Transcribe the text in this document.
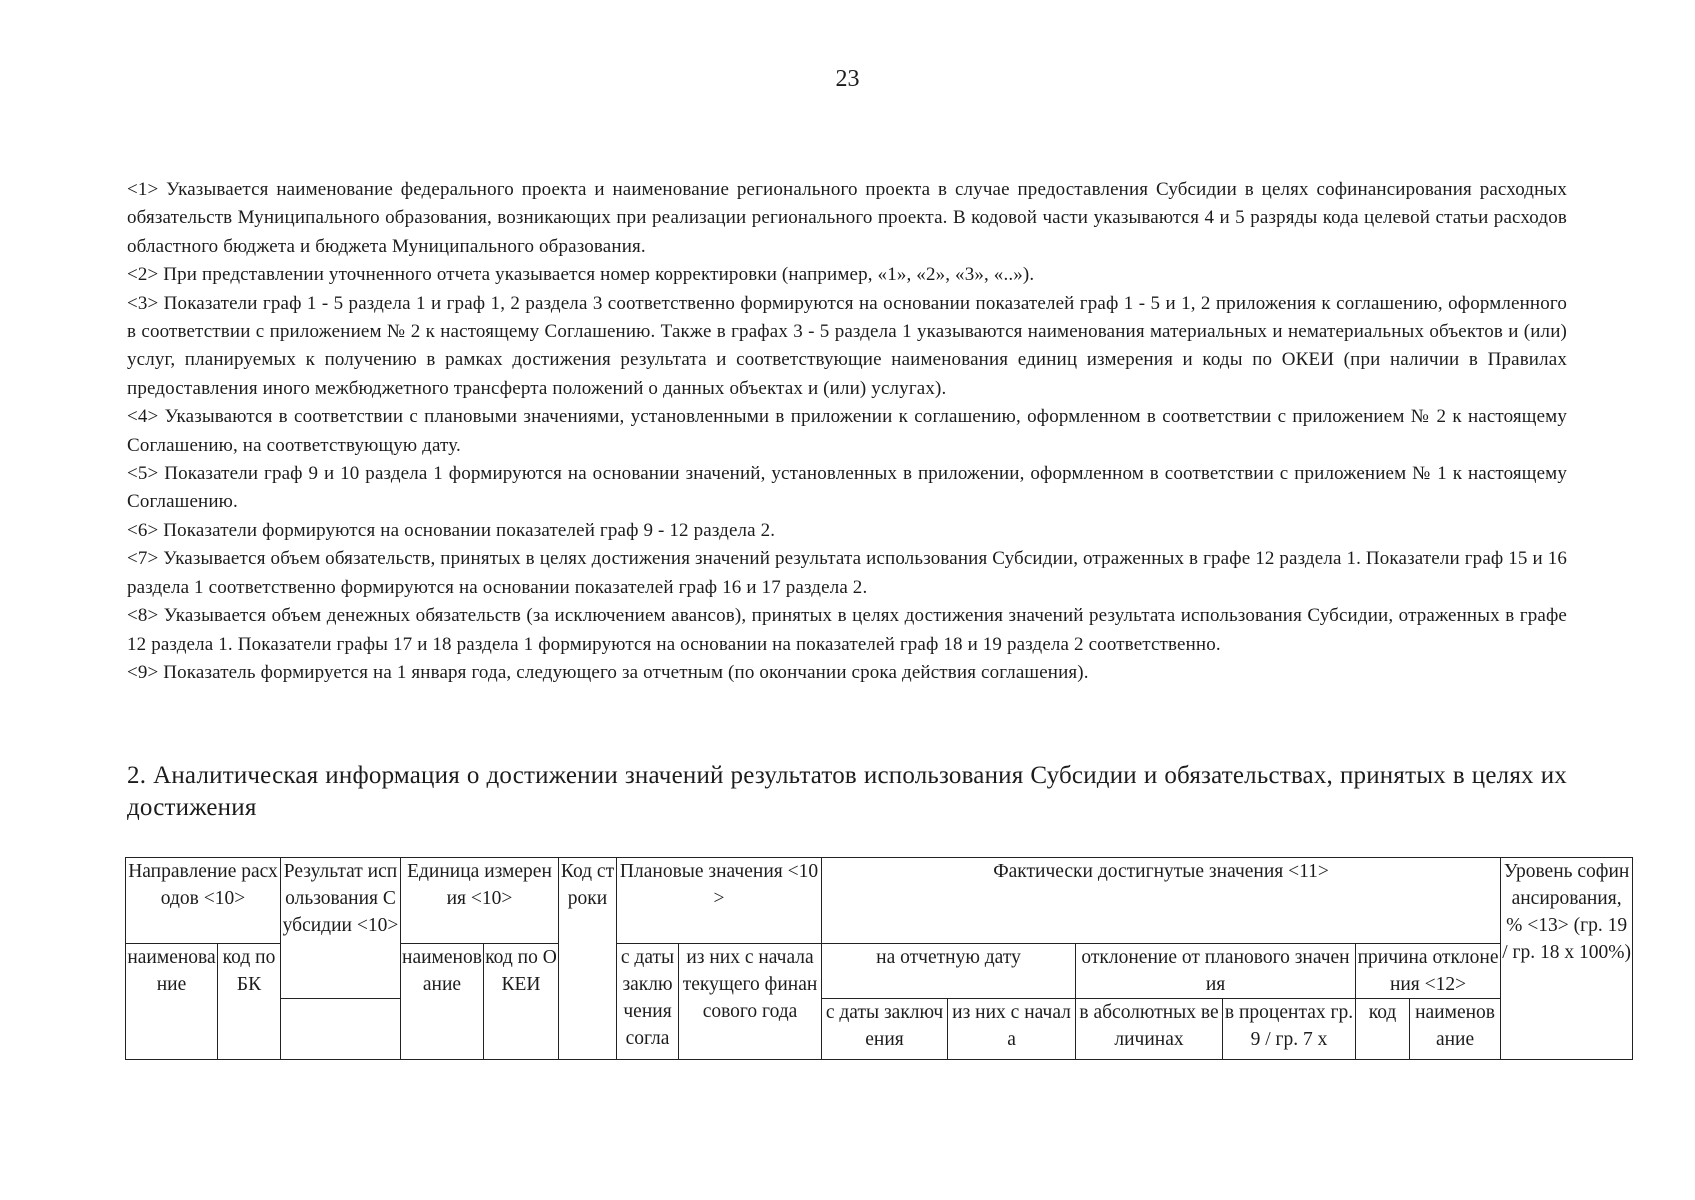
23

<1> Указывается наименование федерального проекта и наименование регионального проекта в случае предоставления Субсидии в целях софинансирования расходных обязательств Муниципального образования, возникающих при реализации регионального проекта. В кодовой части указываются 4 и 5 разряды кода целевой статьи расходов областного бюджета и бюджета Муниципального образования.

<2> При представлении уточненного отчета указывается номер корректировки (например, «1», «2», «3», «..»).

<3> Показатели граф 1 - 5 раздела 1 и граф 1, 2 раздела 3 соответственно формируются на основании показателей граф 1 - 5 и 1, 2 приложения к соглашению, оформленного в соответствии с приложением № 2 к настоящему Соглашению. Также в графах 3 - 5 раздела 1 указываются наименования материальных и нематериальных объектов и (или) услуг, планируемых к получению в рамках достижения результата и соответствующие наименования единиц измерения и коды по ОКЕИ (при наличии в Правилах предоставления иного межбюджетного трансферта положений о данных объектах и (или) услугах).

<4> Указываются в соответствии с плановыми значениями, установленными в приложении к соглашению, оформленном в соответствии с приложением № 2 к настоящему Соглашению, на соответствующую дату.

<5> Показатели граф 9 и 10 раздела 1 формируются на основании значений, установленных в приложении, оформленном в соответствии с приложением № 1 к настоящему Соглашению.

<6> Показатели формируются на основании показателей граф 9 - 12 раздела 2.

<7> Указывается объем обязательств, принятых в целях достижения значений результата использования Субсидии, отраженных в графе 12 раздела 1. Показатели граф 15 и 16 раздела 1 соответственно формируются на основании показателей граф 16 и 17 раздела 2.

<8> Указывается объем денежных обязательств (за исключением авансов), принятых в целях достижения значений результата использования Субсидии, отраженных в графе 12 раздела 1. Показатели графы 17 и 18 раздела 1 формируются на основании на показателей граф 18 и 19 раздела 2 соответственно.

<9> Показатель формируется на 1 января года, следующего за отчетным (по окончании срока действия соглашения).

2. Аналитическая информация о достижении значений результатов использования Субсидии и обязательствах, принятых в целях их достижения
Направление расходов <10>		Результат использования Субсидии <10>	Единица измерения <10>		Код строки	Плановые значения <10>		Фактически достигнутые значения <11>						Уровень софинансирования, % <13> (гр. 19 / гр. 18 x 100%)	
наименование	код по БК		наименование	код по ОКЕИ		с даты заключения согла	из них с начала текущего финансового года	на отчетную дату		отклонение от планового значения		причина отклонения <12>			
								с даты заключения	из них с начала	в абсолютных величинах	в процентах гр. 9 / гр. 7 x	код	наименование		
